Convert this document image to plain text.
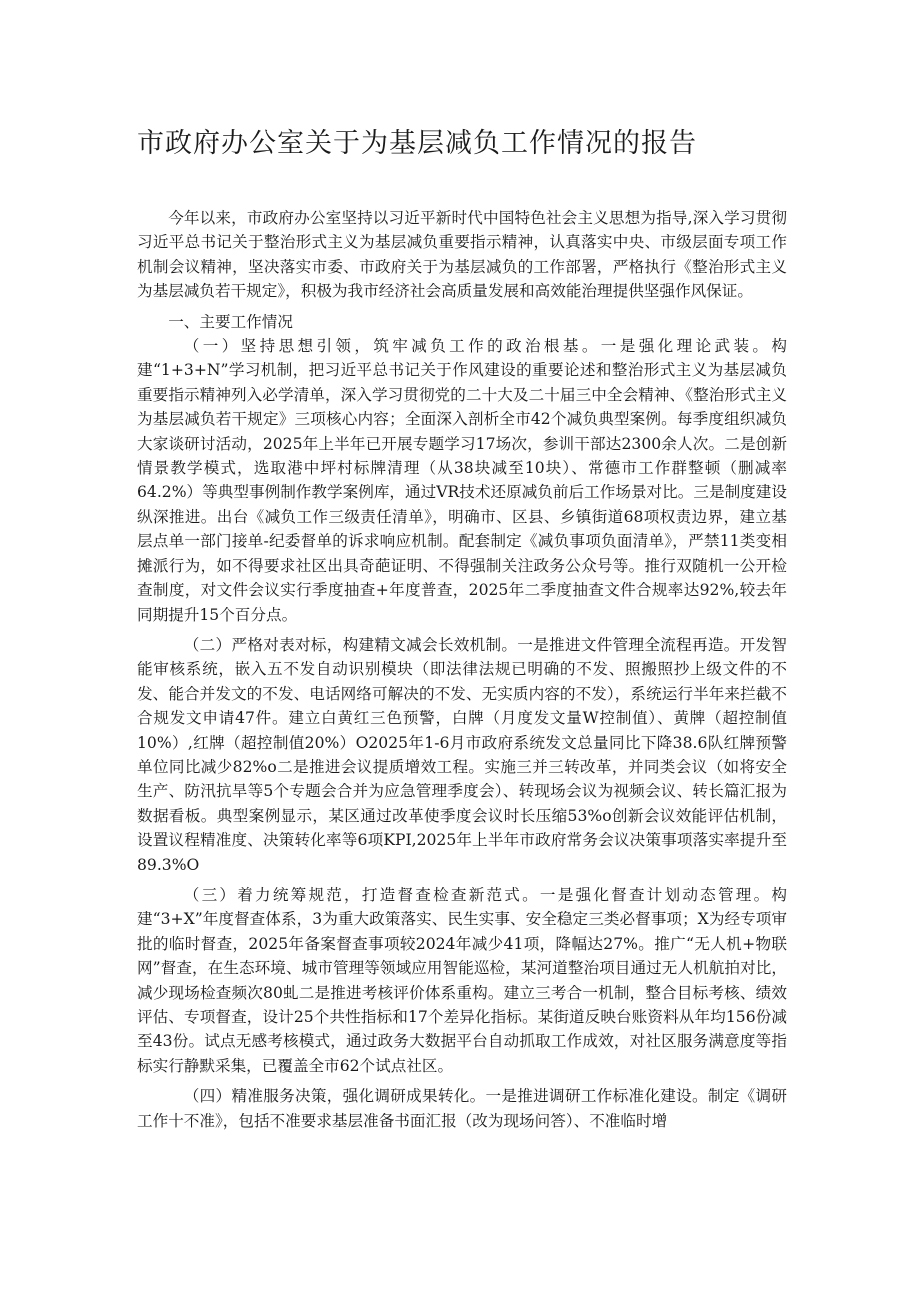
市政府办公室关于为基层减负工作情况的报告

今年以来，市政府办公室坚持以习近平新时代中国特色社会主义思想为指导,深入学习贯彻习近平总书记关于整治形式主义为基层减负重要指示精神，认真落实中央、市级层面专项工作机制会议精神，坚决落实市委、市政府关于为基层减负的工作部署，严格执行《整治形式主义为基层减负若干规定》，积极为我市经济社会高质量发展和高效能治理提供坚强作风保证。

一、主要工作情况

（一）坚持思想引领，筑牢减负工作的政治根基。一是强化理论武装。构建“1+3+N”学习机制，把习近平总书记关于作风建设的重要论述和整治形式主义为基层减负重要指示精神列入必学清单，深入学习贯彻党的二十大及二十届三中全会精神、《整治形式主义为基层减负若干规定》三项核心内容；全面深入剖析全市42个减负典型案例。每季度组织减负大家谈研讨活动，2025年上半年已开展专题学习17场次，参训干部达2300余人次。二是创新情景教学模式，选取港中坪村标牌清理（从38块减至10块）、常德市工作群整顿（删减率64.2%）等典型事例制作教学案例库，通过VR技术还原减负前后工作场景对比。三是制度建设纵深推进。出台《减负工作三级责任清单》，明确市、区县、乡镇街道68项权责边界，建立基层点单一部门接单-纪委督单的诉求响应机制。配套制定《减负事项负面清单》，严禁11类变相摊派行为，如不得要求社区出具奇葩证明、不得强制关注政务公众号等。推行双随机一公开检查制度，对文件会议实行季度抽查+年度普查，2025年二季度抽查文件合规率达92%,较去年同期提升15个百分点。

（二）严格对表对标，构建精文减会长效机制。一是推进文件管理全流程再造。开发智能审核系统，嵌入五不发自动识别模块（即法律法规已明确的不发、照搬照抄上级文件的不发、能合并发文的不发、电话网络可解决的不发、无实质内容的不发），系统运行半年来拦截不合规发文申请47件。建立白黄红三色预警，白牌（月度发文量W控制值）、黄牌（超控制值10%）,红牌（超控制值20%）O2025年1-6月市政府系统发文总量同比下降38.6队红牌预警单位同比减少82%o二是推进会议提质增效工程。实施三并三转改革，并同类会议（如将安全生产、防汛抗旱等5个专题会合并为应急管理季度会）、转现场会议为视频会议、转长篇汇报为数据看板。典型案例显示，某区通过改革使季度会议时长压缩53%o创新会议效能评估机制，设置议程精准度、决策转化率等6项KPI,2025年上半年市政府常务会议决策事项落实率提升至89.3%O

（三）着力统筹规范，打造督查检查新范式。一是强化督查计划动态管理。构建“3+X”年度督查体系，3为重大政策落实、民生实事、安全稳定三类必督事项；X为经专项审批的临时督查，2025年备案督查事项较2024年减少41项，降幅达27%。推广“无人机+物联网”督查，在生态环境、城市管理等领域应用智能巡检，某河道整治项目通过无人机航拍对比，减少现场检查频次80虬二是推进考核评价体系重构。建立三考合一机制，整合目标考核、绩效评估、专项督查，设计25个共性指标和17个差异化指标。某街道反映台账资料从年均156份减至43份。试点无感考核模式，通过政务大数据平台自动抓取工作成效，对社区服务满意度等指标实行静默采集，已覆盖全市62个试点社区。

（四）精准服务决策，强化调研成果转化。一是推进调研工作标准化建设。制定《调研工作十不准》，包括不准要求基层准备书面汇报（改为现场问答）、不准临时增
